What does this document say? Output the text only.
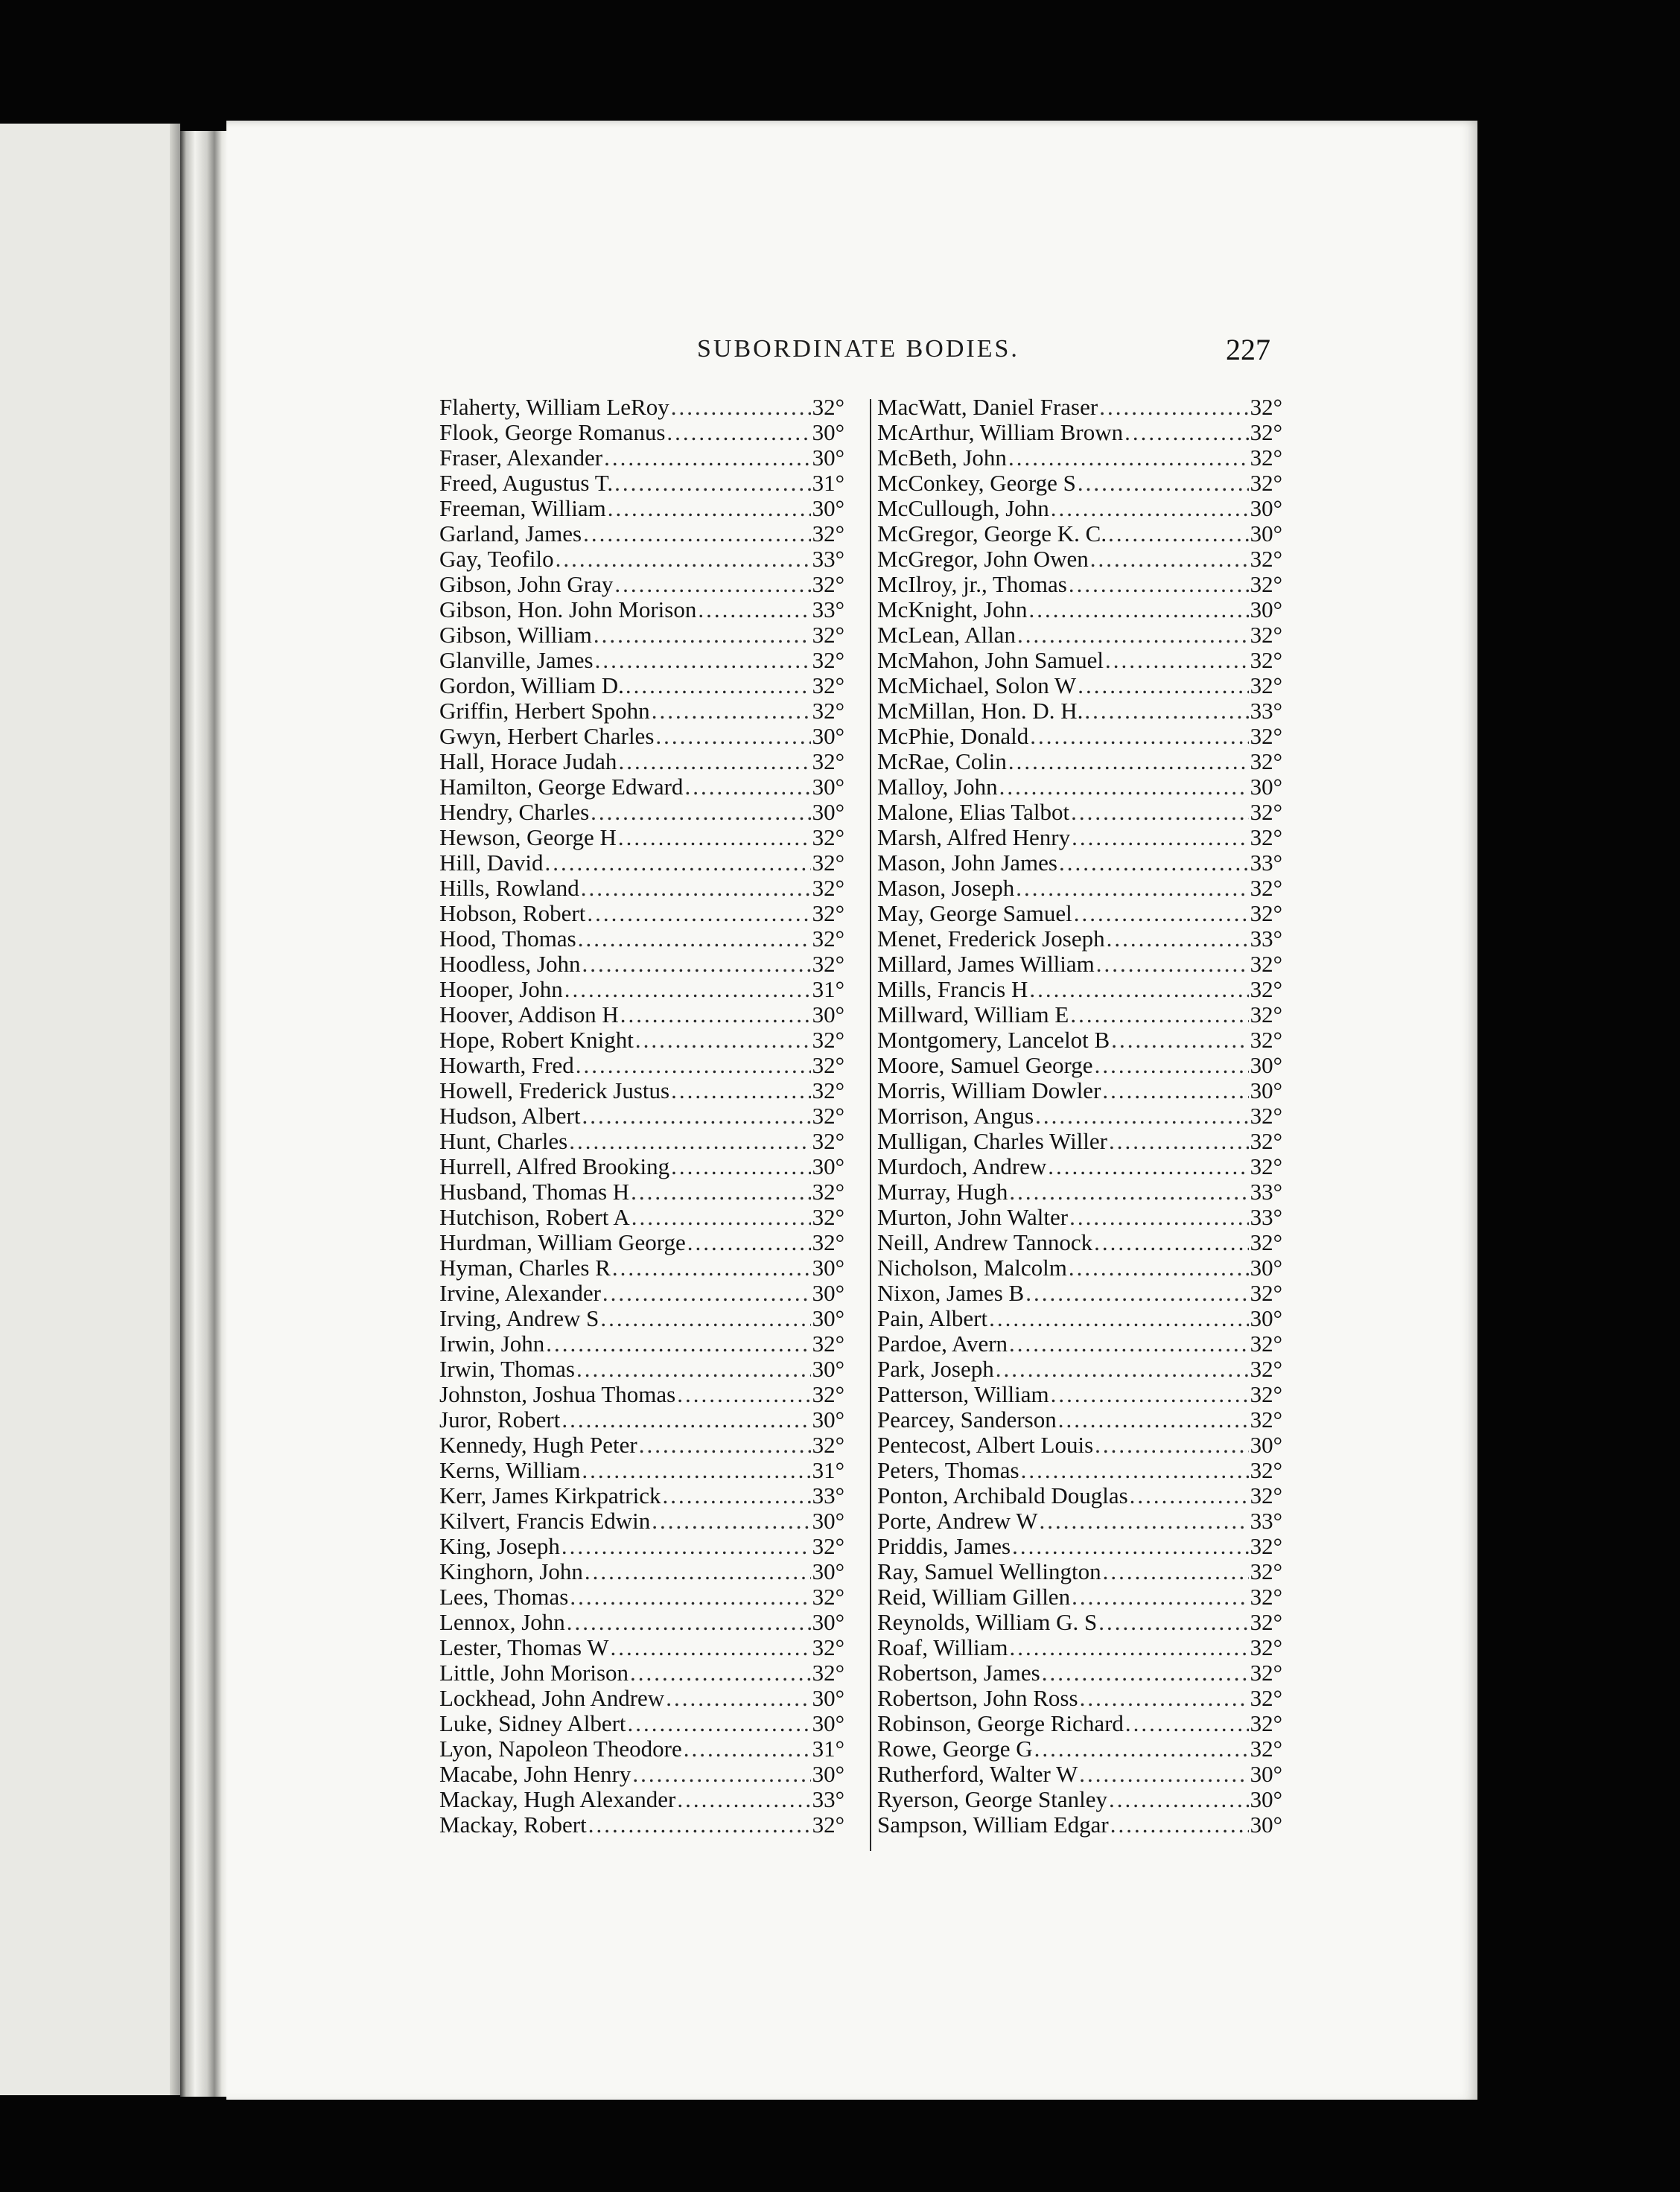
SUBORDINATE BODIES.	227
Flaherty, William LeRoy .....	32°
Flook, George Romanus .....	30°
Fraser, Alexander .....	30°
Freed, Augustus T. .....	31°
Freeman, William .....	30°
Garland, James .....	32°
Gay, Teofilo .....	33°
Gibson, John Gray .....	32°
Gibson, Hon. John Morison .....	33°
Gibson, William .....	32°
Glanville, James .....	32°
Gordon, William D. .....	32°
Griffin, Herbert Spohn .....	32°
Gwyn, Herbert Charles .....	30°
Hall, Horace Judah .....	32°
Hamilton, George Edward .....	30°
Hendry, Charles .....	30°
Hewson, George H .....	32°
Hill, David .....	32°
Hills, Rowland .....	32°
Hobson, Robert .....	32°
Hood, Thomas .....	32°
Hoodless, John .....	32°
Hooper, John .....	31°
Hoover, Addison H .....	30°
Hope, Robert Knight .....	32°
Howarth, Fred .....	32°
Howell, Frederick Justus .....	32°
Hudson, Albert .....	32°
Hunt, Charles .....	32°
Hurrell, Alfred Brooking .....	30°
Husband, Thomas H .....	32°
Hutchison, Robert A .....	32°
Hurdman, William George .....	32°
Hyman, Charles R .....	30°
Irvine, Alexander .....	30°
Irving, Andrew S .....	30°
Irwin, John .....	32°
Irwin, Thomas .....	30°
Johnston, Joshua Thomas .....	32°
Juror, Robert .....	30°
Kennedy, Hugh Peter .....	32°
Kerns, William .....	31°
Kerr, James Kirkpatrick .....	33°
Kilvert, Francis Edwin .....	30°
King, Joseph .....	32°
Kinghorn, John .....	30°
Lees, Thomas .....	32°
Lennox, John .....	30°
Lester, Thomas W .....	32°
Little, John Morison .....	32°
Lockhead, John Andrew .....	30°
Luke, Sidney Albert .....	30°
Lyon, Napoleon Theodore .....	31°
Macabe, John Henry .....	30°
Mackay, Hugh Alexander .....	33°
Mackay, Robert .....	32°
MacWatt, Daniel Fraser .....	32°
McArthur, William Brown .....	32°
McBeth, John .....	32°
McConkey, George S .....	32°
McCullough, John .....	30°
McGregor, George K. C. .....	30°
McGregor, John Owen .....	32°
McIlroy, jr., Thomas .....	32°
McKnight, John .....	30°
McLean, Allan .....	32°
McMahon, John Samuel .....	32°
McMichael, Solon W .....	32°
McMillan, Hon. D. H. .....	33°
McPhie, Donald .....	32°
McRae, Colin .....	32°
Malloy, John .....	30°
Malone, Elias Talbot .....	32°
Marsh, Alfred Henry .....	32°
Mason, John James .....	33°
Mason, Joseph .....	32°
May, George Samuel .....	32°
Menet, Frederick Joseph .....	33°
Millard, James William .....	32°
Mills, Francis H .....	32°
Millward, William E .....	32°
Montgomery, Lancelot B .....	32°
Moore, Samuel George .....	30°
Morris, William Dowler .....	30°
Morrison, Angus .....	32°
Mulligan, Charles Willer .....	32°
Murdoch, Andrew .....	32°
Murray, Hugh .....	33°
Murton, John Walter .....	33°
Neill, Andrew Tannock .....	32°
Nicholson, Malcolm .....	30°
Nixon, James B .....	32°
Pain, Albert .....	30°
Pardoe, Avern .....	32°
Park, Joseph .....	32°
Patterson, William .....	32°
Pearcey, Sanderson .....	32°
Pentecost, Albert Louis .....	30°
Peters, Thomas .....	32°
Ponton, Archibald Douglas .....	32°
Porte, Andrew W .....	33°
Priddis, James .....	32°
Ray, Samuel Wellington .....	32°
Reid, William Gillen .....	32°
Reynolds, William G. S .....	32°
Roaf, William .....	32°
Robertson, James .....	32°
Robertson, John Ross .....	32°
Robinson, George Richard .....	32°
Rowe, George G .....	32°
Rutherford, Walter W .....	30°
Ryerson, George Stanley .....	30°
Sampson, William Edgar .....	30°
